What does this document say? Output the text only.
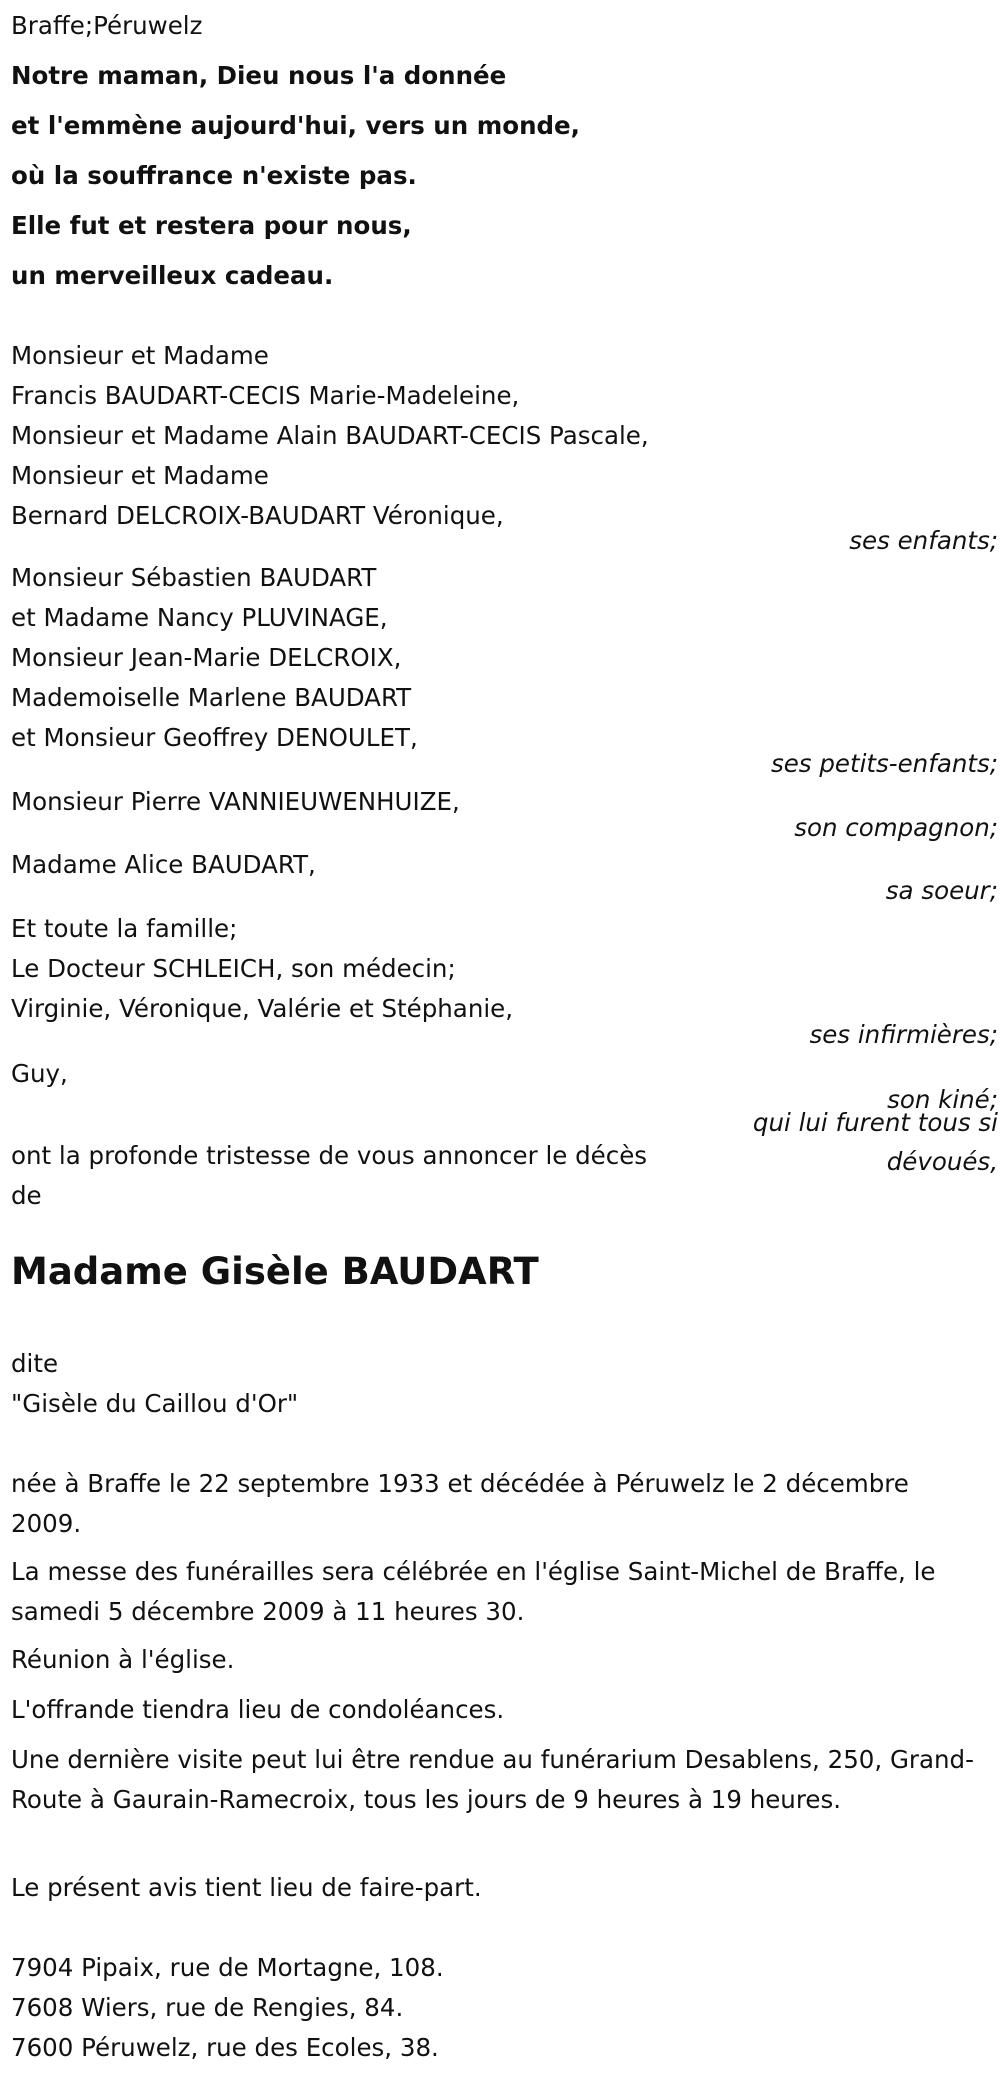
Braffe;Péruwelz
Notre maman, Dieu nous l'a donnée
et l'emmène aujourd'hui, vers un monde,
où la souffrance n'existe pas.
Elle fut et restera pour nous,
un merveilleux cadeau.
Monsieur et Madame
Francis BAUDART-CECIS Marie-Madeleine,
Monsieur et Madame Alain BAUDART-CECIS Pascale,
Monsieur et Madame
Bernard DELCROIX-BAUDART Véronique,
ses enfants;
Monsieur Sébastien BAUDART
et Madame Nancy PLUVINAGE,
Monsieur Jean-Marie DELCROIX,
Mademoiselle Marlene BAUDART
et Monsieur Geoffrey DENOULET,
ses petits-enfants;
Monsieur Pierre VANNIEUWENHUIZE,
son compagnon;
Madame Alice BAUDART,
sa soeur;
Et toute la famille;
Le Docteur SCHLEICH, son médecin;
Virginie, Véronique, Valérie et Stéphanie,
ses infirmières;
Guy,
son kiné;
qui lui furent tous si
dévoués,
ont la profonde tristesse de vous annoncer le décès
de
Madame Gisèle BAUDART
dite
"Gisèle du Caillou d'Or"
née à Braffe le 22 septembre 1933 et décédée à Péruwelz le 2 décembre 2009.
La messe des funérailles sera célébrée en l'église Saint-Michel de Braffe, le samedi 5 décembre 2009 à 11 heures 30.
Réunion à l'église.
L'offrande tiendra lieu de condoléances.
Une dernière visite peut lui être rendue au funérarium Desablens, 250, Grand-Route à Gaurain-Ramecroix, tous les jours de 9 heures à 19 heures.
Le présent avis tient lieu de faire-part.
7904 Pipaix, rue de Mortagne, 108.
7608 Wiers, rue de Rengies, 84.
7600 Péruwelz, rue des Ecoles, 38.
